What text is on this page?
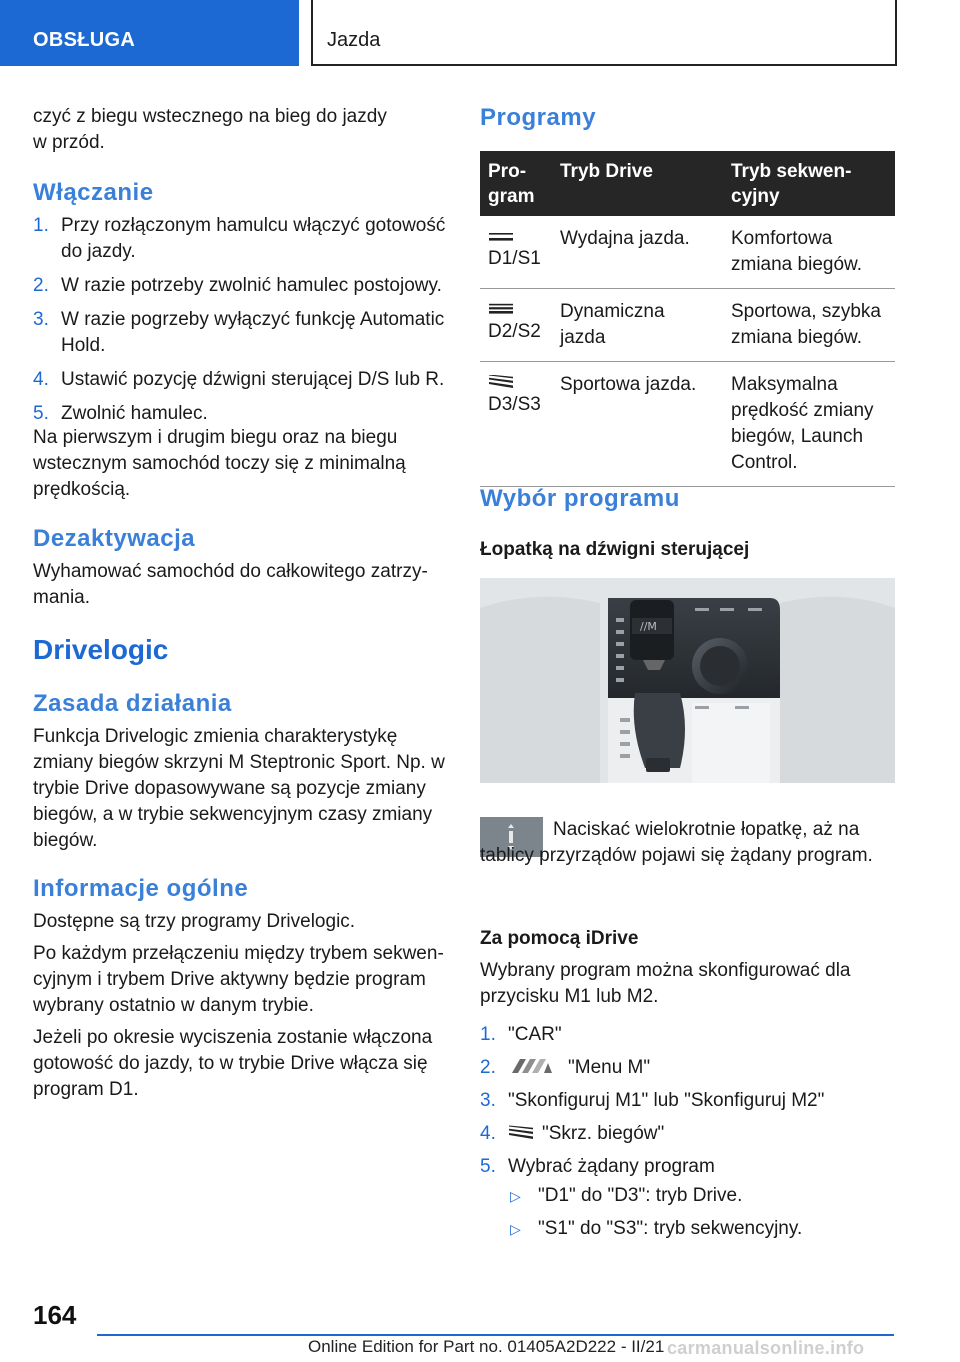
OBSŁUGA	Jazda

czyć z biegu wstecznego na bieg do jazdy w przód.

Włączanie
1. Przy rozłączonym hamulcu włączyć gotowość do jazdy.
2. W razie potrzeby zwolnić hamulec postojowy.
3. W razie pogrzeby wyłączyć funkcję Automatic Hold.
4. Ustawić pozycję dźwigni sterującej D/S lub R.
5. Zwolnić hamulec.

Na pierwszym i drugim biegu oraz na biegu wstecznym samochód toczy się z minimalną prędkością.

Dezaktywacja

Wyhamować samochód do całkowitego zatrzymania.

Drivelogic
Zasada działania

Funkcja Drivelogic zmienia charakterystykę zmiany biegów skrzyni M Steptronic Sport. Np. w trybie Drive dopasowywane są pozycje zmiany biegów, a w trybie sekwencyjnym czasy zmiany biegów.

Informacje ogólne

Dostępne są trzy programy Drivelogic.

Po każdym przełączeniu między trybem sekwencyjnym i trybem Drive aktywny będzie program wybrany ostatnio w danym trybie.

Jeżeli po okresie wyciszenia zostanie włączona gotowość do jazdy, to w trybie Drive włącza się program D1.

Programy
Program	Tryb Drive	Tryb sekwencyjny

D1/S1	Wydajna jazda.	Komfortowa zmiana biegów.

D2/S2	Dynamiczna jazda	Sportowa, szybka zmiana biegów.

D3/S3	Sportowa jazda.	Maksymalna prędkość zmiany biegów, Launch Control.
Wybór programu
Łopatką na dźwigni sterującej
//M

Naciskać wielokrotnie łopatkę, aż na tablicy przyrządów pojawi się żądany program.

Za pomocą iDrive

Wybrany program można skonfigurować dla przycisku M1 lub M2.

1. "CAR"
2.	"Menu M"
3. "Skonfiguruj M1" lub "Skonfiguruj M2"
4. "Skrz. biegów"
5. Wybrać żądany program
▷ "D1" do "D3": tryb Drive.
▷ "S1" do "S3": tryb sekwencyjny.
164
Online Edition for Part no. 01405A2D222 - II/21 carmanualsonline.info
